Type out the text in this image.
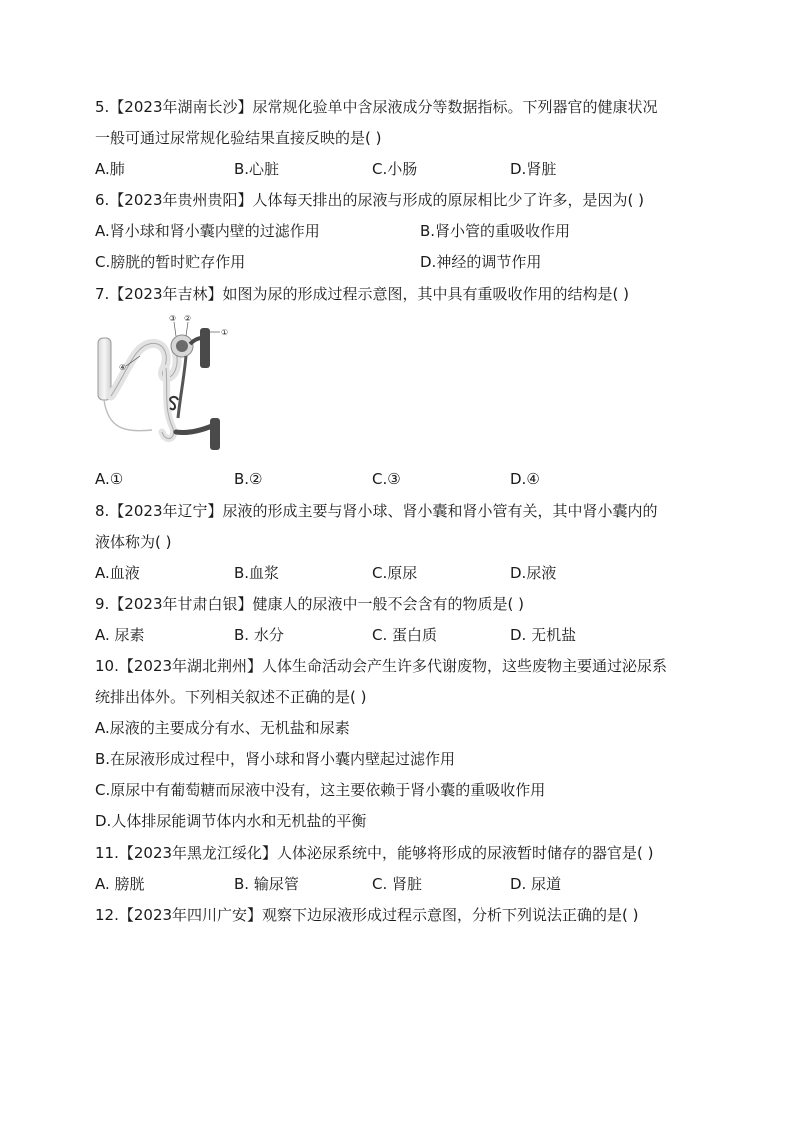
5.【2023年湖南长沙】尿常规化验单中含尿液成分等数据指标。下列器官的健康状况
一般可通过尿常规化验结果直接反映的是( )
A.肺	B.心脏	C.小肠	D.肾脏
6.【2023年贵州贵阳】人体每天排出的尿液与形成的原尿相比少了许多，是因为( )
A.肾小球和肾小囊内壁的过滤作用	B.肾小管的重吸收作用
C.膀胱的暂时贮存作用	D.神经的调节作用
7.【2023年吉林】如图为尿的形成过程示意图，其中具有重吸收作用的结构是( )
①
②
③
④
A.①	B.②	C.③	D.④
8.【2023年辽宁】尿液的形成主要与肾小球、肾小囊和肾小管有关，其中肾小囊内的
液体称为( )
A.血液	B.血浆	C.原尿	D.尿液
9.【2023年甘肃白银】健康人的尿液中一般不会含有的物质是( )
A. 尿素	B. 水分	C. 蛋白质	D. 无机盐
10.【2023年湖北荆州】人体生命活动会产生许多代谢废物，这些废物主要通过泌尿系
统排出体外。下列相关叙述不正确的是( )
A.尿液的主要成分有水、无机盐和尿素
B.在尿液形成过程中，肾小球和肾小囊内壁起过滤作用
C.原尿中有葡萄糖而尿液中没有，这主要依赖于肾小囊的重吸收作用
D.人体排尿能调节体内水和无机盐的平衡
11.【2023年黑龙江绥化】人体泌尿系统中，能够将形成的尿液暂时储存的器官是( )
A. 膀胱	B. 输尿管	C. 肾脏	D. 尿道
12.【2023年四川广安】观察下边尿液形成过程示意图，分析下列说法正确的是( )
